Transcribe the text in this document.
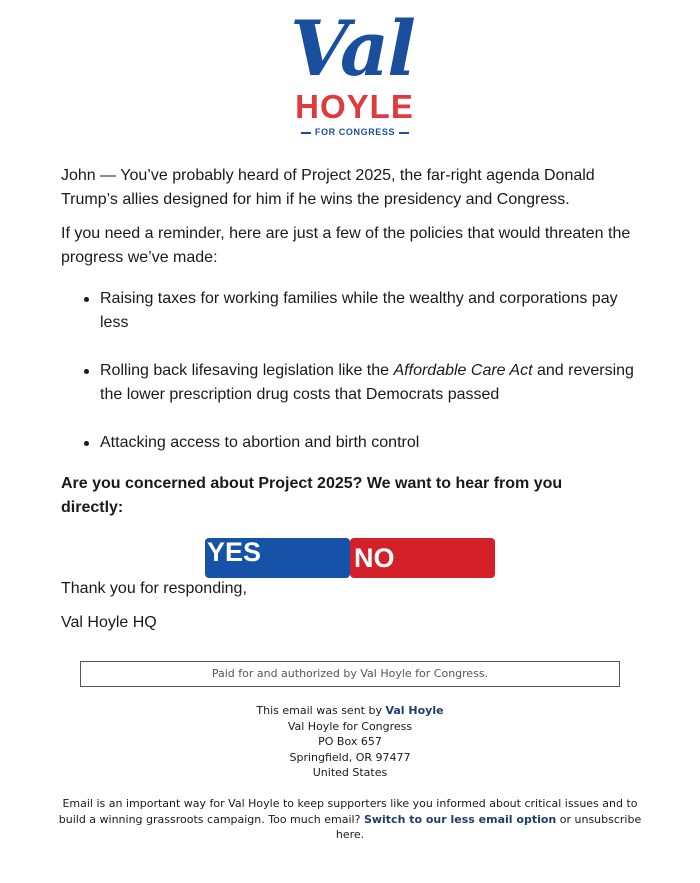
Val
HOYLE
FOR CONGRESS
John — You’ve probably heard of Project 2025, the far-right agenda Donald Trump’s allies designed for him if he wins the presidency and Congress.
If you need a reminder, here are just a few of the policies that would threaten the progress we’ve made:
Raising taxes for working families while the wealthy and corporations pay less
Rolling back lifesaving legislation like the Affordable Care Act and reversing the lower prescription drug costs that Democrats passed
Attacking access to abortion and birth control
Are you concerned about Project 2025? We want to hear from you directly:
YES	NO
Thank you for responding,
Val Hoyle HQ
Paid for and authorized by Val Hoyle for Congress.
This email was sent by Val Hoyle
Val Hoyle for Congress
PO Box 657
Springfield, OR 97477
United States
Email is an important way for Val Hoyle to keep supporters like you informed about critical issues and to build a winning grassroots campaign. Too much email? Switch to our less email option or unsubscribe here.
